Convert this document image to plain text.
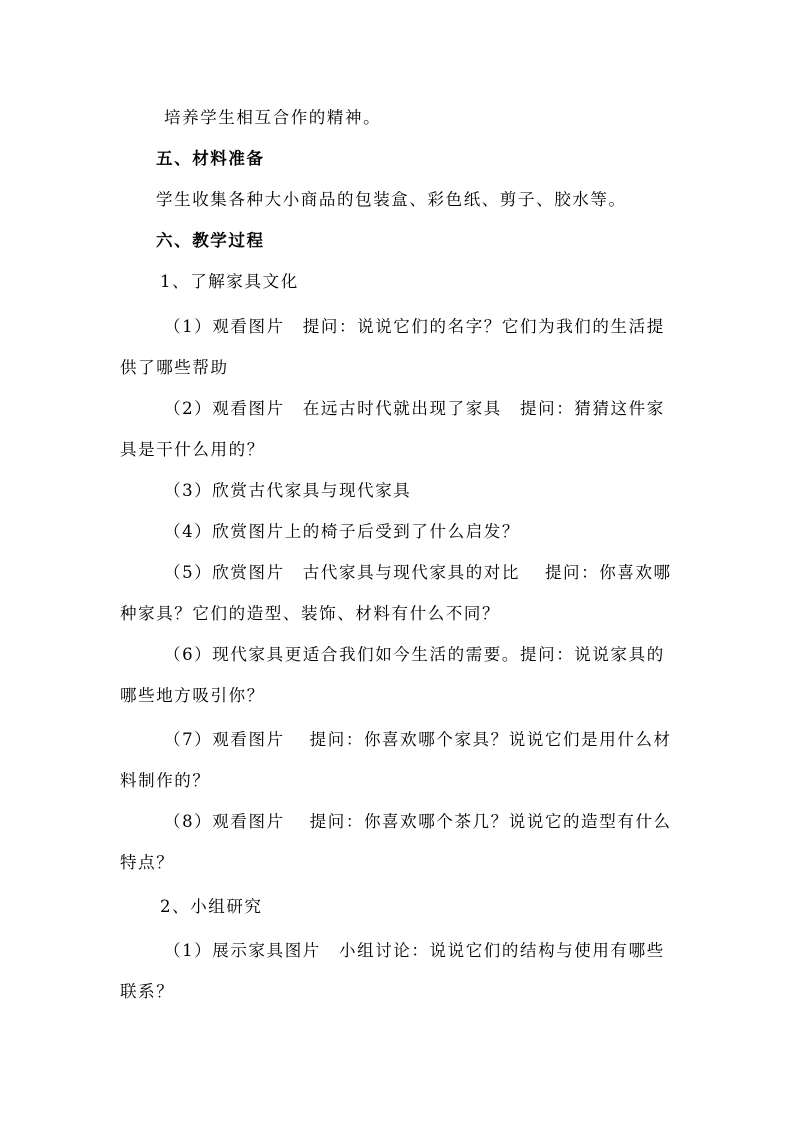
培养学生相互合作的精神。
五、材料准备
学生收集各种大小商品的包装盒、彩色纸、剪子、胶水等。
六、教学过程
1、了解家具文化
（1）观看图片　提问：说说它们的名字？它们为我们的生活提
供了哪些帮助
（2）观看图片　在远古时代就出现了家具　提问：猜猜这件家
具是干什么用的？
（3）欣赏古代家具与现代家具
（4）欣赏图片上的椅子后受到了什么启发？
（5）欣赏图片　古代家具与现代家具的对比　 提问：你喜欢哪
种家具？它们的造型、装饰、材料有什么不同？
（6）现代家具更适合我们如今生活的需要。提问：说说家具的
哪些地方吸引你？
（7）观看图片　 提问：你喜欢哪个家具？说说它们是用什么材
料制作的？
（8）观看图片　 提问：你喜欢哪个茶几？说说它的造型有什么
特点？
2、小组研究
（1）展示家具图片　小组讨论：说说它们的结构与使用有哪些
联系？
